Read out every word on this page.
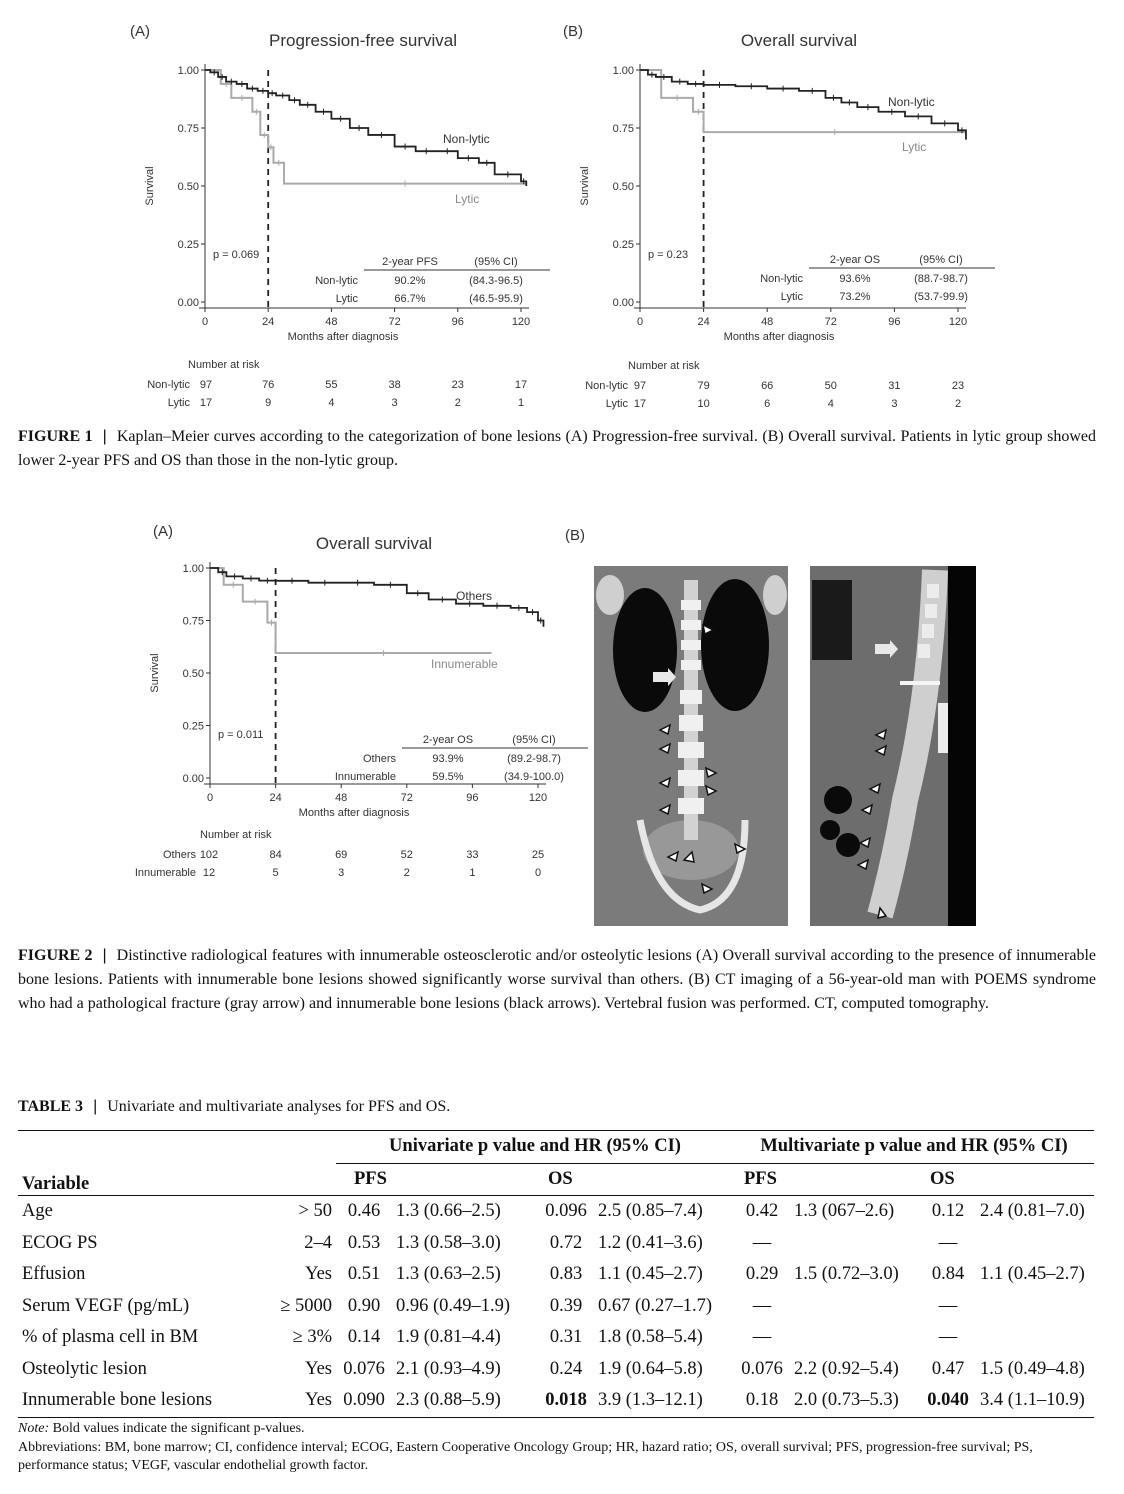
(A)	Progression-free survival
Survival
1.00
0.75
0.50
0.25
0.00
0	24	48	72	96	120
Months after diagnosis
Non-lytic
Lytic
p = 0.069
2-year PFS	(95% CI)
Non-lytic	90.2%	(84.3-96.5)
Lytic	66.7%	(46.5-95.9)
Number at risk
Non-lytic 97	76	55	38	23	17
Lytic 17	9	4	3	2	1
(B)	Overall survival
Survival
1.00
0.75
0.50
0.25
0.00
0	24	48	72	96	120
Months after diagnosis
Non-lytic
Lytic
p = 0.23	2-year OS	(95% CI)
Non-lytic	93.6%	(88.7-98.7)
Lytic	73.2%	(53.7-99.9)
Number at risk
Non-lytic 97	79	66	50	31	23
Lytic 17	10	6	4	3	2
FIGURE 1 | Kaplan–Meier curves according to the categorization of bone lesions (A) Progression-free survival. (B) Overall survival. Patients in lytic group showed lower 2-year PFS and OS than those in the non-lytic group.
(A)
Overall survival
Survival
1.00
0.75
0.50
0.25
0.00
0	24	48	72	96	120
Months after diagnosis
Others
Innumerable
p = 0.011	2-year OS	(95% CI)
Others	93.9%	(89.2-98.7)
Innumerable	59.5%	(34.9-100.0)
Number at risk
Others 102	84	69	52	33	25
Innumerable 12	5	3	2	1	0
(B)
FIGURE 2 | Distinctive radiological features with innumerable osteosclerotic and/or osteolytic lesions (A) Overall survival according to the presence of innumerable bone lesions. Patients with innumerable bone lesions showed significantly worse survival than others. (B) CT imaging of a 56-year-old man with POEMS syndrome who had a pathological fracture (gray arrow) and innumerable bone lesions (black arrows). Vertebral fusion was performed. CT, computed tomography.
TABLE 3 | Univariate and multivariate analyses for PFS and OS.
		Univariate p value and HR (95% CI)				Multivariate p value and HR (95% CI)			
Variable		PFS		OS		PFS		OS	
Age	> 50	0.46	1.3 (0.66–2.5)	0.096	2.5 (0.85–7.4)	0.42	1.3 (067–2.6)	0.12	2.4 (0.81–7.0)
ECOG PS	2–4	0.53	1.3 (0.58–3.0)	0.72	1.2 (0.41–3.6)	—		—	
Effusion	Yes	0.51	1.3 (0.63–2.5)	0.83	1.1 (0.45–2.7)	0.29	1.5 (0.72–3.0)	0.84	1.1 (0.45–2.7)
Serum VEGF (pg/mL)	≥ 5000	0.90	0.96 (0.49–1.9)	0.39	0.67 (0.27–1.7)	—		—	
% of plasma cell in BM	≥ 3%	0.14	1.9 (0.81–4.4)	0.31	1.8 (0.58–5.4)	—		—	
Osteolytic lesion	Yes	0.076	2.1 (0.93–4.9)	0.24	1.9 (0.64–5.8)	0.076	2.2 (0.92–5.4)	0.47	1.5 (0.49–4.8)
Innumerable bone lesions	Yes	0.090	2.3 (0.88–5.9)	0.018	3.9 (1.3–12.1)	0.18	2.0 (0.73–5.3)	0.040	3.4 (1.1–10.9)
Note: Bold values indicate the significant p-values.
Abbreviations: BM, bone marrow; CI, confidence interval; ECOG, Eastern Cooperative Oncology Group; HR, hazard ratio; OS, overall survival; PFS, progression-free survival; PS, performance status; VEGF, vascular endothelial growth factor.
